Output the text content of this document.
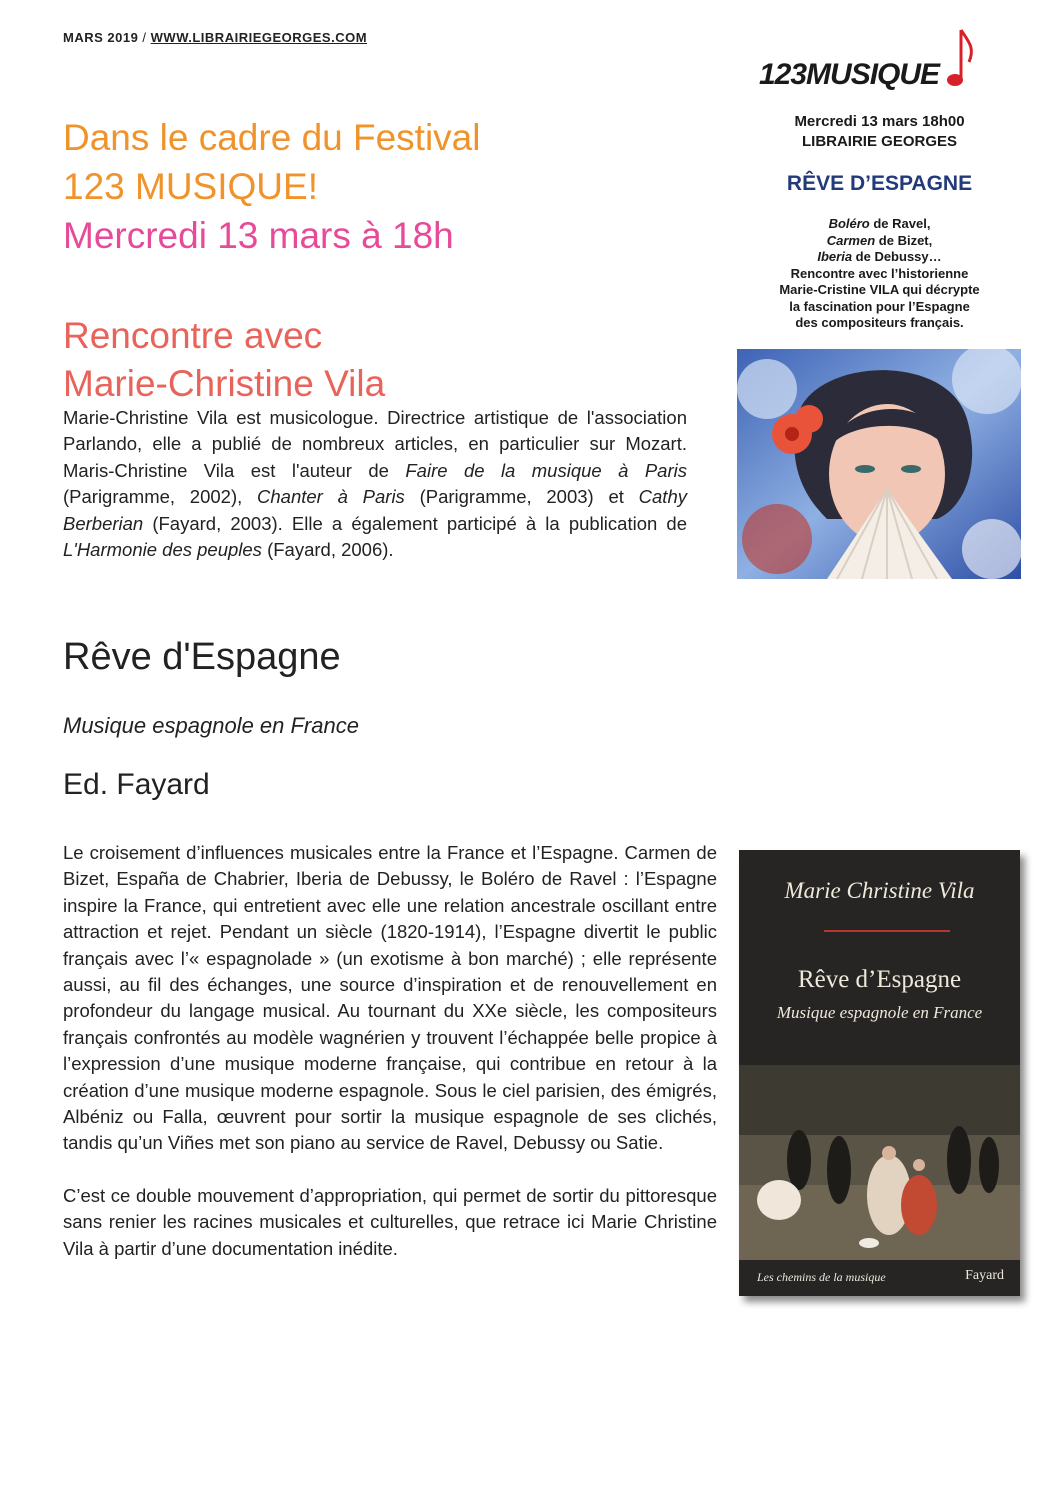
MARS 2019 / WWW.LIBRAIRIEGEORGES.COM
Dans le cadre du Festival
123 MUSIQUE!
Mercredi 13 mars à 18h
Rencontre avec
Marie-Christine Vila
Marie-Christine Vila est musicologue. Directrice artistique de l'association Parlando, elle a publié de nombreux articles, en particulier sur Mozart. Maris-Christine Vila est l'auteur de Faire de la musique à Paris (Parigramme, 2002), Chanter à Paris (Parigramme, 2003) et Cathy Berberian (Fayard, 2003). Elle a également participé à la publication de L'Harmonie des peuples (Fayard, 2006).
Rêve d'Espagne
Musique espagnole en France
Ed. Fayard

Le croisement d’influences musicales entre la France et l’Espagne. Carmen de Bizet, España de Chabrier, Iberia de Debussy, le Boléro de Ravel : l’Espagne inspire la France, qui entretient avec elle une relation ancestrale oscillant entre attraction et rejet. Pendant un siècle (1820-1914), l’Espagne divertit le public français avec l’« espagnolade » (un exotisme à bon marché) ; elle représente aussi, au fil des échanges, une source d’inspiration et de renouvellement en profondeur du langage musical. Au tournant du XXe siècle, les compositeurs français confrontés au modèle wagnérien y trouvent l’échappée belle propice à l’expression d’une musique moderne française, qui contribue en retour à la création d’une musique moderne espagnole. Sous le ciel parisien, des émigrés, Albéniz ou Falla, œuvrent pour sortir la musique espagnole de ses clichés, tandis qu’un Viñes met son piano au service de Ravel, Debussy ou Satie.

C’est ce double mouvement d’appropriation, qui permet de sortir du pittoresque sans renier les racines musicales et culturelles, que retrace ici Marie Christine Vila à partir d’une documentation inédite.

123MUSIQUE
Mercredi 13 mars 18h00
LIBRAIRIE GEORGES
RÊVE D’ESPAGNE
Boléro de Ravel,
Carmen de Bizet,
Iberia de Debussy…
Rencontre avec l’historienne
Marie-Cristine VILA qui décrypte
la fascination pour l’Espagne
des compositeurs français.
Marie Christine Vila
Rêve d’Espagne
Musique espagnole en France
Les chemins de la musique	Fayard
